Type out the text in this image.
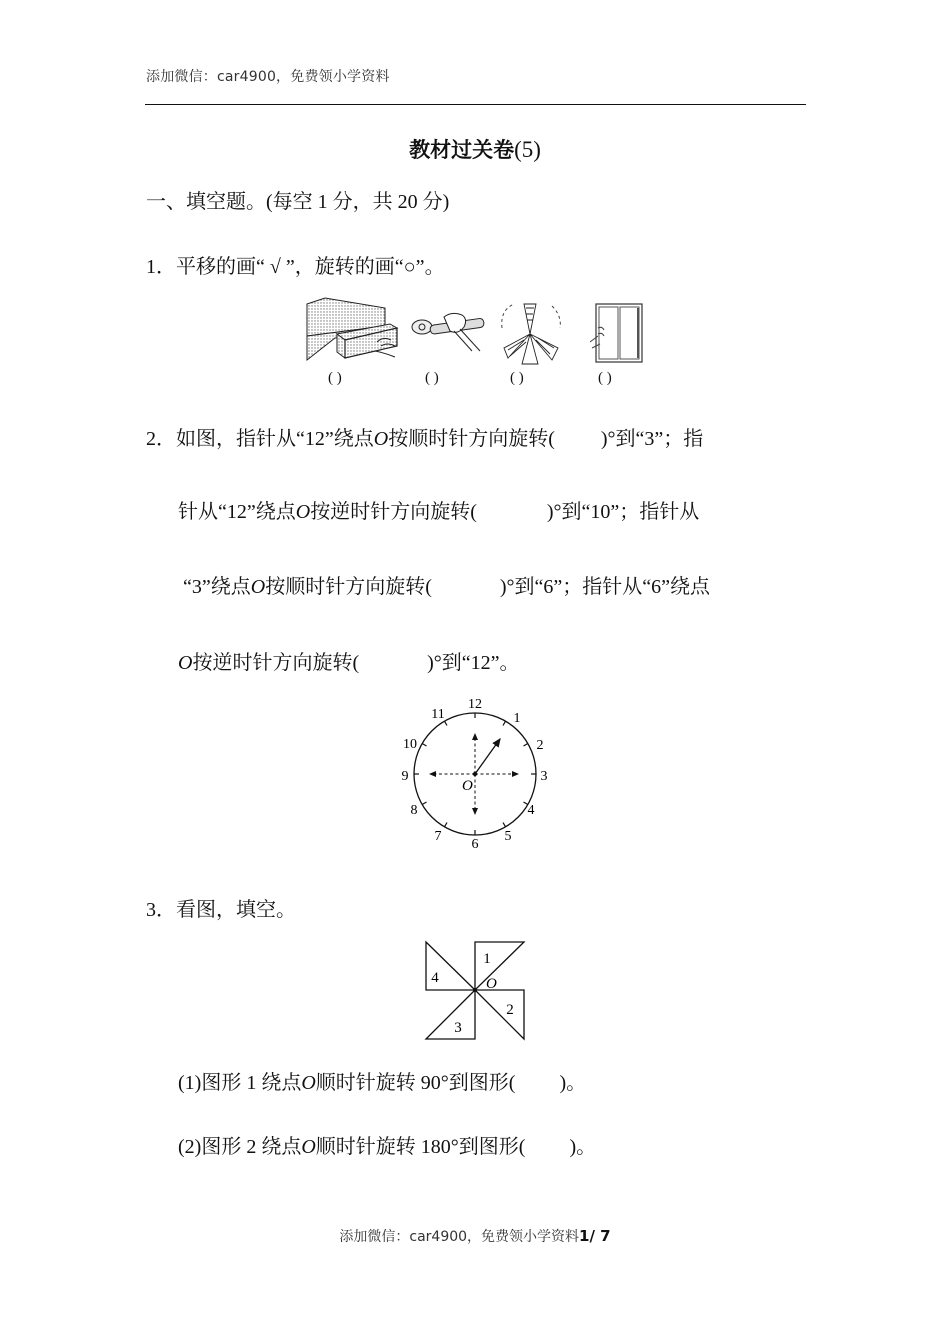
添加微信：car4900，免费领小学资料
教材过关卷(5)
一、填空题。(每空 1 分，共 20 分)
1．平移的画“ √ ”，旋转的画“○”。
( )	( )	( )	( )
2．如图，指针从“12”绕点O按顺时针方向旋转( )°到“3”；指
针从“12”绕点O按逆时针方向旋转(	)°到“10”；指针从
“3”绕点O按顺时针方向旋转(	)°到“6”；指针从“6”绕点
O按逆时针方向旋转(	)°到“12”。
O
12
1
2
3
4
5
6
7
8
9
10
11
3．看图，填空。
1
2
3
4	O
(1)图形 1 绕点O顺时针旋转 90°到图形( )。
(2)图形 2 绕点O顺时针旋转 180°到图形( )。
添加微信：car4900，免费领小学资料1/ 7
